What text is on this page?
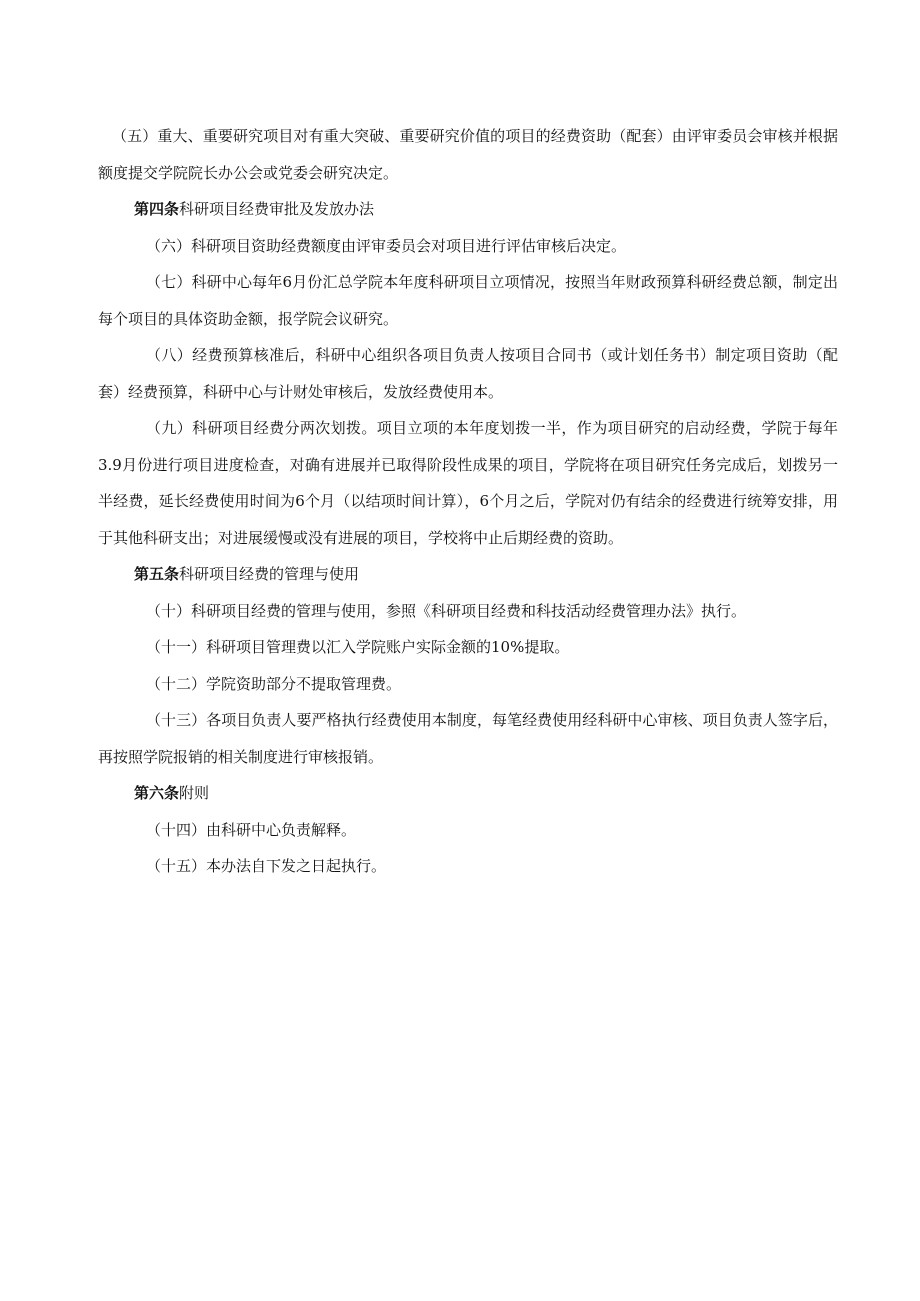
（五）重大、重要研究项目对有重大突破、重要研究价值的项目的经费资助（配套）由评审委员会审核并根据额度提交学院院长办公会或党委会研究决定。

第四条科研项目经费审批及发放办法

（六）科研项目资助经费额度由评审委员会对项目进行评估审核后决定。

（七）科研中心每年6月份汇总学院本年度科研项目立项情况，按照当年财政预算科研经费总额，制定出每个项目的具体资助金额，报学院会议研究。

（八）经费预算核准后，科研中心组织各项目负责人按项目合同书（或计划任务书）制定项目资助（配套）经费预算，科研中心与计财处审核后，发放经费使用本。

（九）科研项目经费分两次划拨。项目立项的本年度划拨一半，作为项目研究的启动经费，学院于每年3.9月份进行项目进度检查，对确有进展并已取得阶段性成果的项目，学院将在项目研究任务完成后，划拨另一半经费，延长经费使用时间为6个月（以结项时间计算），6个月之后，学院对仍有结余的经费进行统筹安排，用于其他科研支出；对进展缓慢或没有进展的项目，学校将中止后期经费的资助。

第五条科研项目经费的管理与使用

（十）科研项目经费的管理与使用，参照《科研项目经费和科技活动经费管理办法》执行。

（十一）科研项目管理费以汇入学院账户实际金额的10%提取。

（十二）学院资助部分不提取管理费。

（十三）各项目负责人要严格执行经费使用本制度，每笔经费使用经科研中心审核、项目负责人签字后，再按照学院报销的相关制度进行审核报销。

第六条附则

（十四）由科研中心负责解释。

（十五）本办法自下发之日起执行。
